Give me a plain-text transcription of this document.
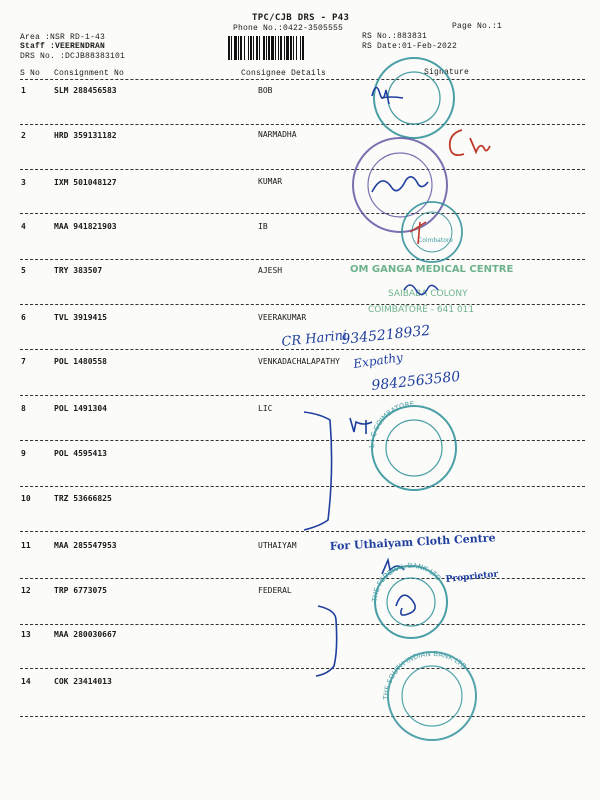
TPC/CJB DRS - P43
Phone No.:0422-3505555	Page No.:1
Area :NSR RD-1-43
Staff :VEERENDRAN
DRS No. :DCJB88383101
RS No.:883831
RS Date:01-Feb-2022
S No Consignment No	Consignee Details	Signature
1	SLM 288456583	BOB
2	HRD 359131182	NARMADHA
3	IXM 501048127	KUMAR
4	MAA 941821903	IB
5	TRY 383507	AJESH
6	TVL 3919415	VEERAKUMAR
7	POL 1480558	VENKADACHALAPATHY
8	POL 1491304	LIC
9	POL 4595413
10	TRZ 53666825
11	MAA 285547953	UTHAIYAM
12	TRP 6773075	FEDERAL
13	MAA 280030667
14	COK 23414013
Coimbatore
OM GANGA MEDICAL CENTRE
SAIBABA COLONY
COIMBATORE - 641 011
CR Harini
9345218932
Expathy
9842563580
L I C COIMBATORE
For Uthaiyam Cloth Centre
THE FEDERAL BANK LTD Proprietor
THE SOUTH INDIAN BANK LTD
